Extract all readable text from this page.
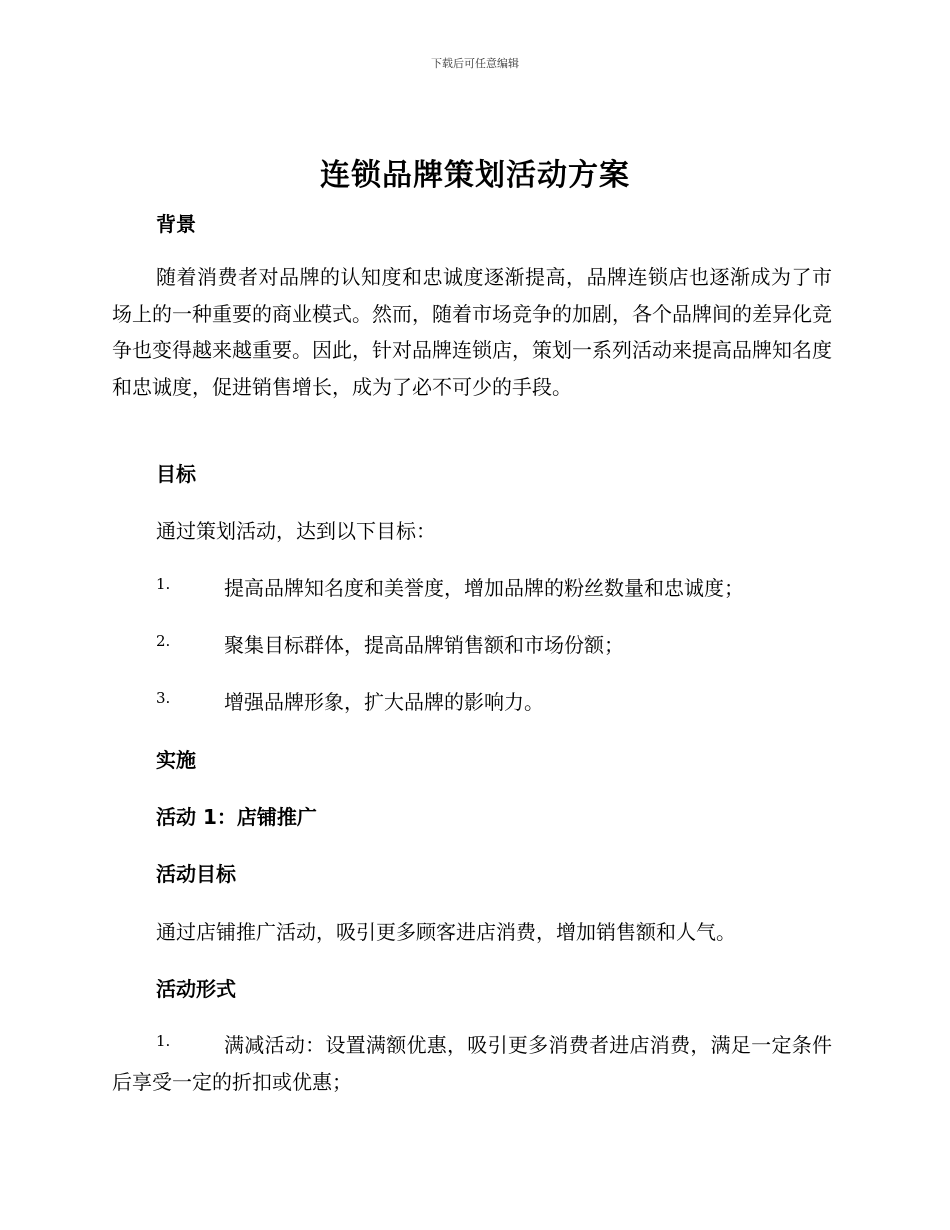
下载后可任意编辑
连锁品牌策划活动方案
背景
随着消费者对品牌的认知度和忠诚度逐渐提高，品牌连锁店也逐渐成为了市场上的一种重要的商业模式。然而，随着市场竞争的加剧，各个品牌间的差异化竞争也变得越来越重要。因此，针对品牌连锁店，策划一系列活动来提高品牌知名度和忠诚度，促进销售增长，成为了必不可少的手段。
目标
通过策划活动，达到以下目标：
1.	提高品牌知名度和美誉度，增加品牌的粉丝数量和忠诚度；
2.	聚集目标群体，提高品牌销售额和市场份额；
3.	增强品牌形象，扩大品牌的影响力。
实施
活动 1：店铺推广
活动目标
通过店铺推广活动，吸引更多顾客进店消费，增加销售额和人气。
活动形式
1.	满减活动：设置满额优惠，吸引更多消费者进店消费，满足一定条件后享受一定的折扣或优惠；
